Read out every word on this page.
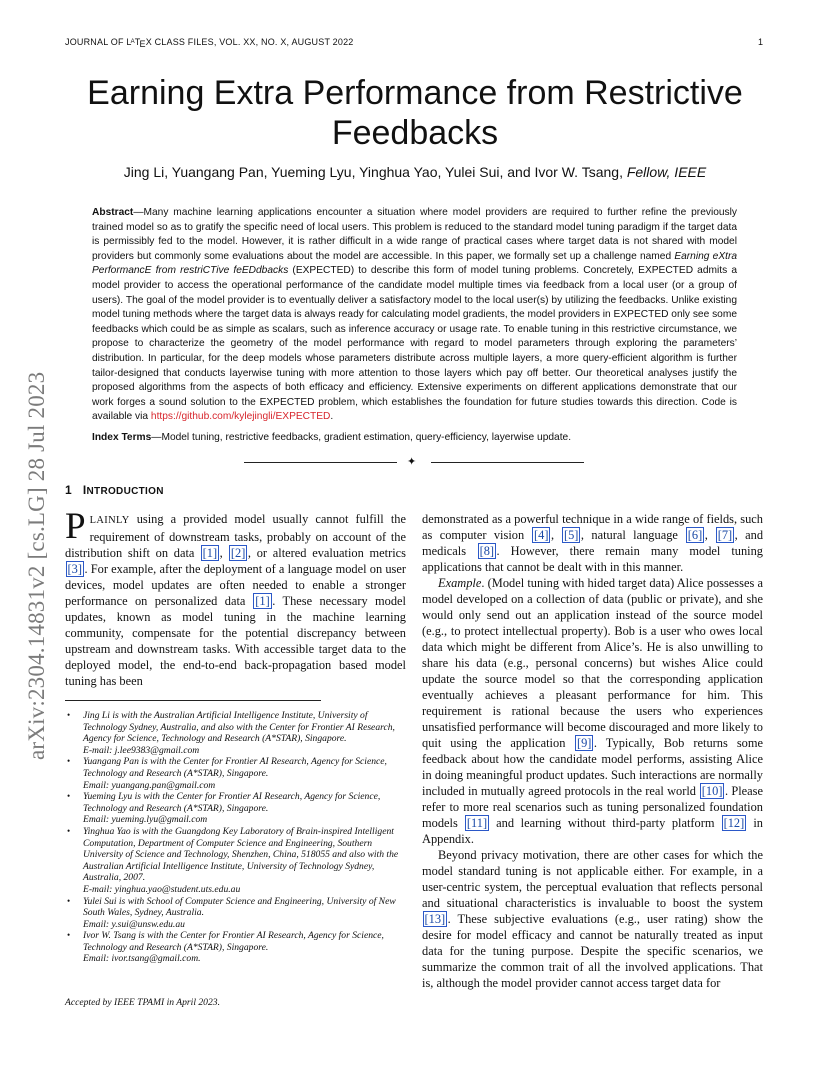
JOURNAL OF $L^ATEX$ CLASS FILES, VOL. XX, NO. X, AUGUST 2022	1
arXiv:2304.14831v2 [cs.LG] 28 Jul 2023
Earning Extra Performance from Restrictive Feedbacks
Jing Li, Yuangang Pan, Yueming Lyu, Yinghua Yao, Yulei Sui, and Ivor W. Tsang, Fellow, IEEE
Abstract—Many machine learning applications encounter a situation where model providers are required to further refine the previously trained model so as to gratify the specific need of local users. This problem is reduced to the standard model tuning paradigm if the target data is permissibly fed to the model. However, it is rather difficult in a wide range of practical cases where target data is not shared with model providers but commonly some evaluations about the model are accessible. In this paper, we formally set up a challenge named Earning eXtra PerformancE from restriCTive feEDdbacks (EXPECTED) to describe this form of model tuning problems. Concretely, EXPECTED admits a model provider to access the operational performance of the candidate model multiple times via feedback from a local user (or a group of users). The goal of the model provider is to eventually deliver a satisfactory model to the local user(s) by utilizing the feedbacks. Unlike existing model tuning methods where the target data is always ready for calculating model gradients, the model providers in EXPECTED only see some feedbacks which could be as simple as scalars, such as inference accuracy or usage rate. To enable tuning in this restrictive circumstance, we propose to characterize the geometry of the model performance with regard to model parameters through exploring the parameters’ distribution. In particular, for the deep models whose parameters distribute across multiple layers, a more query-efficient algorithm is further tailor-designed that conducts layerwise tuning with more attention to those layers which pay off better. Our theoretical analyses justify the proposed algorithms from the aspects of both efficacy and efficiency. Extensive experiments on different applications demonstrate that our work forges a sound solution to the EXPECTED problem, which establishes the foundation for future studies towards this direction. Code is available via https://github.com/kylejingli/EXPECTED.
Index Terms—Model tuning, restrictive feedbacks, gradient estimation, query-efficiency, layerwise update.
✦
1 INTRODUCTION

PLAINLY using a provided model usually cannot fulfill the requirement of downstream tasks, probably on account of the distribution shift on data [1] , [2] , or altered evaluation metrics [3] . For example, after the deployment of a language model on user devices, model updates are often needed to enable a stronger performance on personalized data [1] . These necessary model updates, known as model tuning in the machine learning community, compensate for the potential discrepancy between upstream and downstream tasks. With accessible target data to the deployed model, the end-to-end back-propagation based model tuning has been

• Jing Li is with the Australian Artificial Intelligence Institute, University of Technology Sydney, Australia, and also with the Center for Frontier AI Research, Agency for Science, Technology and Research (A*STAR), Singapore.
E-mail: j.lee9383@gmail.com
• Yuangang Pan is with the Center for Frontier AI Research, Agency for Science, Technology and Research (A*STAR), Singapore.
Email: yuangang.pan@gmail.com
• Yueming Lyu is with the Center for Frontier AI Research, Agency for Science, Technology and Research (A*STAR), Singapore.
Email: yueming.lyu@gmail.com
• Yinghua Yao is with the Guangdong Key Laboratory of Brain-inspired Intelligent Computation, Department of Computer Science and Engineering, Southern University of Science and Technology, Shenzhen, China, 518055 and also with the Australian Artificial Intelligence Institute, University of Technology Sydney, Australia, 2007.
E-mail: yinghua.yao@student.uts.edu.au
• Yulei Sui is with School of Computer Science and Engineering, University of New South Wales, Sydney, Australia.
Email: y.sui@unsw.edu.au
• Ivor W. Tsang is with the Center for Frontier AI Research, Agency for Science, Technology and Research (A*STAR), Singapore.
Email: ivor.tsang@gmail.com.
Accepted by IEEE TPAMI in April 2023.

demonstrated as a powerful technique in a wide range of fields, such as computer vision [4] , [5] , natural language [6] , [7] , and medicals [8] . However, there remain many model tuning applications that cannot be dealt with in this manner.

Example. (Model tuning with hided target data) Alice possesses a model developed on a collection of data (public or private), and she would only send out an application instead of the source model (e.g., to protect intellectual property). Bob is a user who owes local data which might be different from Alice’s. He is also unwilling to share his data (e.g., personal concerns) but wishes Alice could update the source model so that the corresponding application eventually achieves a pleasant performance for him. This requirement is rational because the users who experiences unsatisfied performance will become discouraged and more likely to quit using the application [9] . Typically, Bob returns some feedback about how the candidate model performs, assisting Alice in doing meaningful product updates. Such interactions are normally included in mutually agreed protocols in the real world [10] . Please refer to more real scenarios such as tuning personalized foundation models [11] and learning without third-party platform [12] in Appendix.

Beyond privacy motivation, there are other cases for which the model standard tuning is not applicable either. For example, in a user-centric system, the perceptual evaluation that reflects personal and situational characteristics is invaluable to boost the system [13] . These subjective evaluations (e.g., user rating) show the desire for model efficacy and cannot be naturally treated as input data for the tuning purpose. Despite the specific scenarios, we summarize the common trait of all the involved applications. That is, although the model provider cannot access target data for
